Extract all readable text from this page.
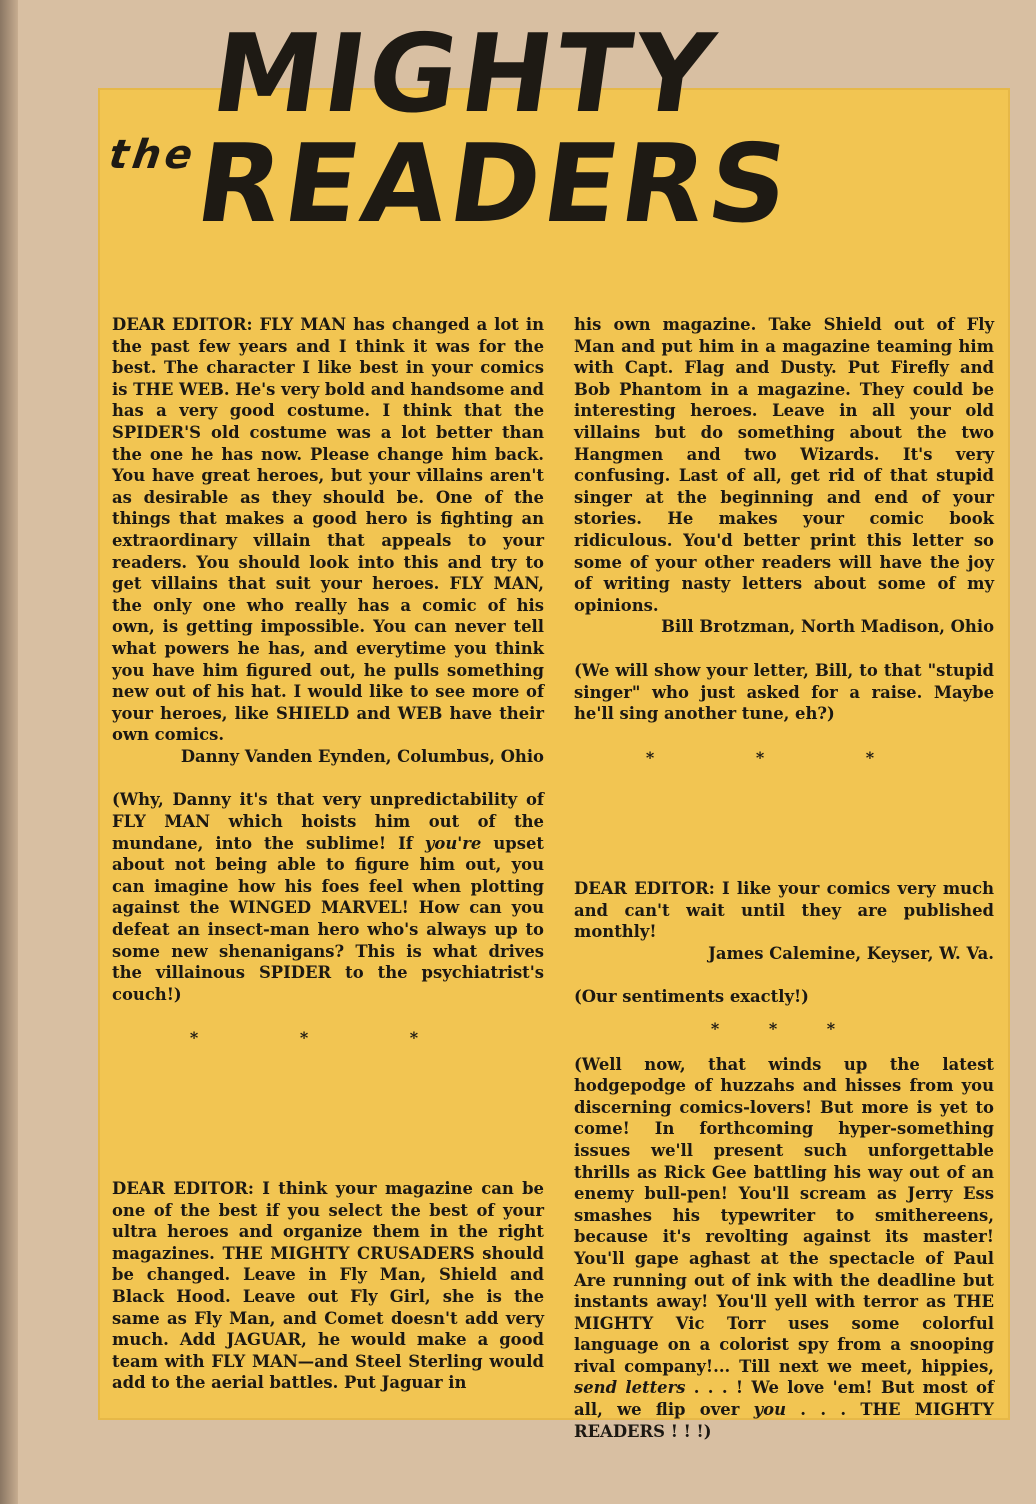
the
MIGHTY READERS

DEAR EDITOR: FLY MAN has changed a lot in the past few years and I think it was for the best. The character I like best in your comics is THE WEB. He's very bold and handsome and has a very good costume. I think that the SPIDER'S old costume was a lot better than the one he has now. Please change him back. You have great heroes, but your villains aren't as desirable as they should be. One of the things that makes a good hero is fighting an extraordinary villain that appeals to your readers. You should look into this and try to get villains that suit your heroes. FLY MAN, the only one who really has a comic of his own, is getting impossible. You can never tell what powers he has, and everytime you think you have him figured out, he pulls something new out of his hat. I would like to see more of your heroes, like SHIELD and WEB have their own comics.

Danny Vanden Eynden, Columbus, Ohio

(Why, Danny it's that very unpredictability of FLY MAN which hoists him out of the mundane, into the sublime! If you're upset about not being able to figure him out, you can imagine how his foes feel when plotting against the WINGED MARVEL! How can you defeat an insect-man hero who's always up to some new shenanigans? This is what drives the villainous SPIDER to the psychiatrist's couch!)

* * *

DEAR EDITOR: I think your magazine can be one of the best if you select the best of your ultra heroes and organize them in the right magazines. THE MIGHTY CRUSADERS should be changed. Leave in Fly Man, Shield and Black Hood. Leave out Fly Girl, she is the same as Fly Man, and Comet doesn't add very much. Add JAGUAR, he would make a good team with FLY MAN—and Steel Sterling would add to the aerial battles. Put Jaguar in

his own magazine. Take Shield out of Fly Man and put him in a magazine teaming him with Capt. Flag and Dusty. Put Firefly and Bob Phantom in a magazine. They could be interesting heroes. Leave in all your old villains but do something about the two Hangmen and two Wizards. It's very confusing. Last of all, get rid of that stupid singer at the beginning and end of your stories. He makes your comic book ridiculous. You'd better print this letter so some of your other readers will have the joy of writing nasty letters about some of my opinions.

Bill Brotzman, North Madison, Ohio

(We will show your letter, Bill, to that "stupid singer" who just asked for a raise. Maybe he'll sing another tune, eh?)

* * *

DEAR EDITOR: I like your comics very much and can't wait until they are published monthly!

James Calemine, Keyser, W. Va.

(Our sentiments exactly!)

* * *

(Well now, that winds up the latest hodgepodge of huzzahs and hisses from you discerning comics-lovers! But more is yet to come! In forthcoming hyper-something issues we'll present such unforgettable thrills as Rick Gee battling his way out of an enemy bull-pen! You'll scream as Jerry Ess smashes his typewriter to smithereens, because it's revolting against its master! You'll gape aghast at the spectacle of Paul Are running out of ink with the deadline but instants away! You'll yell with terror as THE MIGHTY Vic Torr uses some colorful language on a colorist spy from a snooping rival company!... Till next we meet, hippies, send letters . . . ! We love 'em! But most of all, we flip over you . . . THE MIGHTY READERS ! ! !)
